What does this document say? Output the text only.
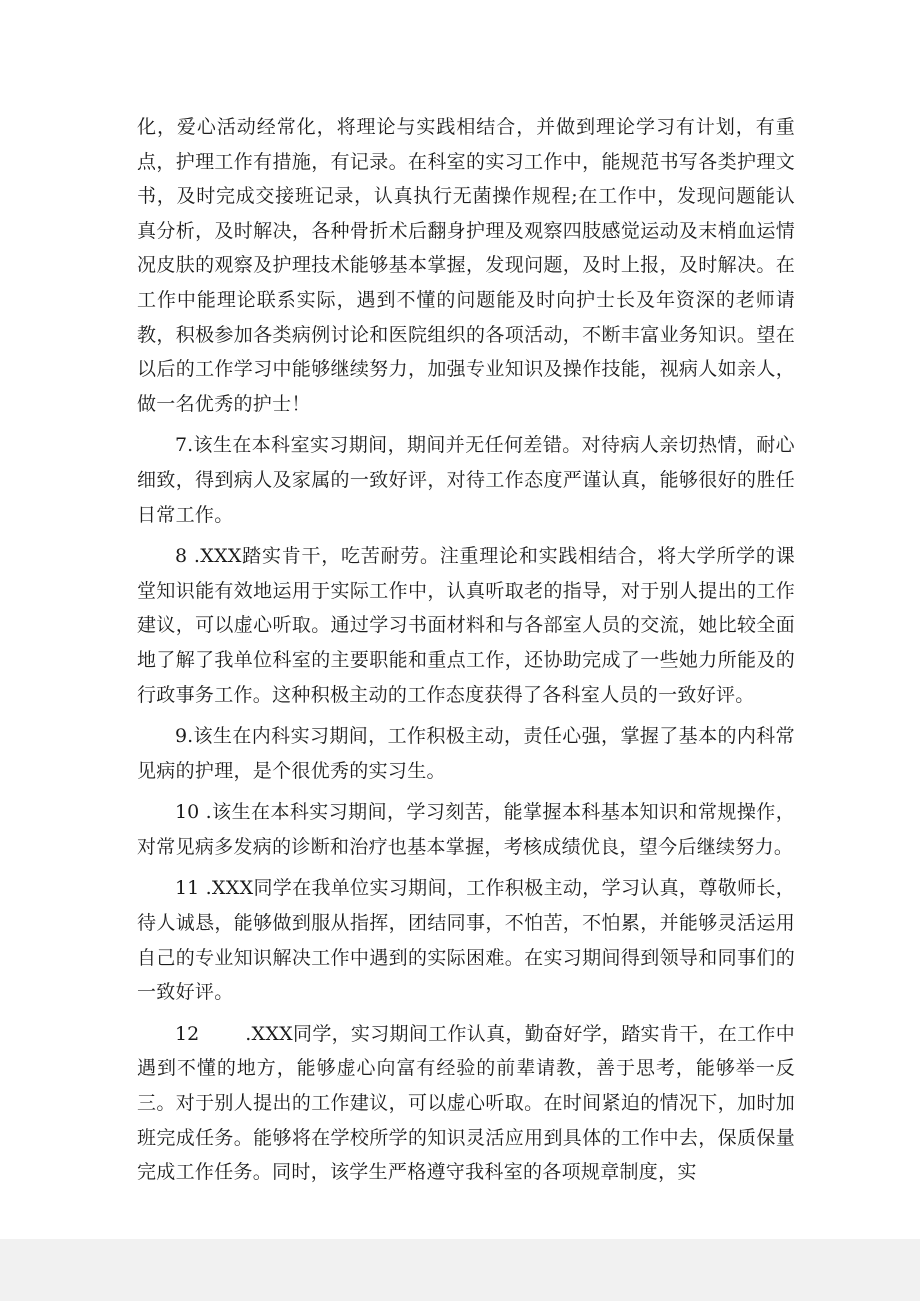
化，爱心活动经常化，将理论与实践相结合，并做到理论学习有计划，有重点，护理工作有措施，有记录。在科室的实习工作中，能规范书写各类护理文书，及时完成交接班记录，认真执行无菌操作规程;在工作中，发现问题能认真分析，及时解决，各种骨折术后翻身护理及观察四肢感觉运动及末梢血运情况皮肤的观察及护理技术能够基本掌握，发现问题，及时上报，及时解决。在工作中能理论联系实际，遇到不懂的问题能及时向护士长及年资深的老师请教，积极参加各类病例讨论和医院组织的各项活动，不断丰富业务知识。望在以后的工作学习中能够继续努力，加强专业知识及操作技能，视病人如亲人，做一名优秀的护士！

7.该生在本科室实习期间，期间并无任何差错。对待病人亲切热情，耐心细致，得到病人及家属的一致好评，对待工作态度严谨认真，能够很好的胜任日常工作。

8 .XXX踏实肯干，吃苦耐劳。注重理论和实践相结合，将大学所学的课堂知识能有效地运用于实际工作中，认真听取老的指导，对于别人提出的工作建议，可以虚心听取。通过学习书面材料和与各部室人员的交流，她比较全面地了解了我单位科室的主要职能和重点工作，还协助完成了一些她力所能及的行政事务工作。这种积极主动的工作态度获得了各科室人员的一致好评。

9.该生在内科实习期间，工作积极主动，责任心强，掌握了基本的内科常见病的护理，是个很优秀的实习生。

10 .该生在本科实习期间，学习刻苦，能掌握本科基本知识和常规操作，对常见病多发病的诊断和治疗也基本掌握，考核成绩优良，望今后继续努力。

11 .XXX同学在我单位实习期间，工作积极主动，学习认真，尊敬师长，待人诚恳，能够做到服从指挥，团结同事，不怕苦，不怕累，并能够灵活运用自己的专业知识解决工作中遇到的实际困难。在实习期间得到领导和同事们的一致好评。

12 .XXX同学，实习期间工作认真，勤奋好学，踏实肯干，在工作中遇到不懂的地方，能够虚心向富有经验的前辈请教，善于思考，能够举一反三。对于别人提出的工作建议，可以虚心听取。在时间紧迫的情况下，加时加班完成任务。能够将在学校所学的知识灵活应用到具体的工作中去，保质保量完成工作任务。同时，该学生严格遵守我科室的各项规章制度，实
